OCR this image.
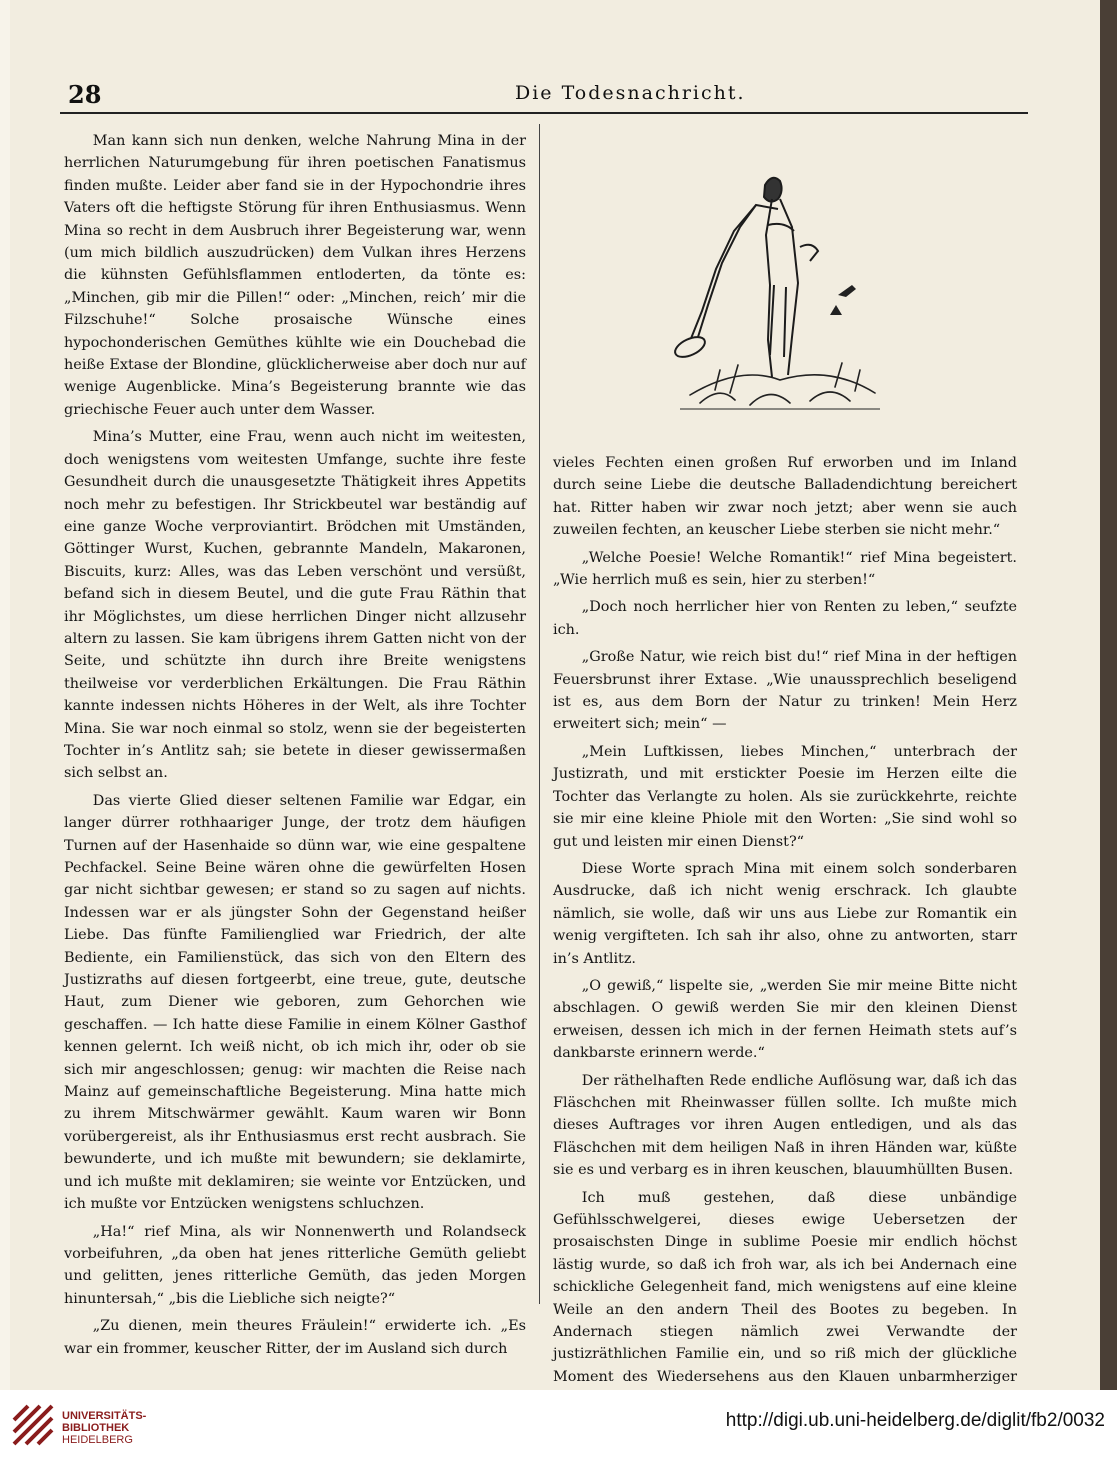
28	Die Todesnachricht.

Man kann sich nun denken, welche Nahrung Mina in der herrlichen Naturumgebung für ihren poetischen Fanatismus finden mußte. Leider aber fand sie in der Hypochondrie ihres Vaters oft die heftigste Störung für ihren Enthusiasmus. Wenn Mina so recht in dem Ausbruch ihrer Begeisterung war, wenn (um mich bildlich auszudrücken) dem Vulkan ihres Herzens die kühnsten Gefühlsflammen entloderten, da tönte es: „Minchen, gib mir die Pillen!“ oder: „Minchen, reich’ mir die Filzschuhe!“ Solche prosaische Wünsche eines hypochonderischen Gemüthes kühlte wie ein Douchebad die heiße Extase der Blondine, glücklicherweise aber doch nur auf wenige Augenblicke. Mina’s Begeisterung brannte wie das griechische Feuer auch unter dem Wasser.

Mina’s Mutter, eine Frau, wenn auch nicht im weitesten, doch wenigstens vom weitesten Umfange, suchte ihre feste Gesundheit durch die unausgesetzte Thätigkeit ihres Appetits noch mehr zu befestigen. Ihr Strickbeutel war beständig auf eine ganze Woche verproviantirt. Brödchen mit Umständen, Göttinger Wurst, Kuchen, gebrannte Mandeln, Makaronen, Biscuits, kurz: Alles, was das Leben verschönt und versüßt, befand sich in diesem Beutel, und die gute Frau Räthin that ihr Möglichstes, um diese herrlichen Dinger nicht allzusehr altern zu lassen. Sie kam übrigens ihrem Gatten nicht von der Seite, und schützte ihn durch ihre Breite wenigstens theilweise vor verderblichen Erkältungen. Die Frau Räthin kannte indessen nichts Höheres in der Welt, als ihre Tochter Mina. Sie war noch einmal so stolz, wenn sie der begeisterten Tochter in’s Antlitz sah; sie betete in dieser gewissermaßen sich selbst an.

Das vierte Glied dieser seltenen Familie war Edgar, ein langer dürrer rothhaariger Junge, der trotz dem häufigen Turnen auf der Hasenhaide so dünn war, wie eine gespaltene Pechfackel. Seine Beine wären ohne die gewürfelten Hosen gar nicht sichtbar gewesen; er stand so zu sagen auf nichts. Indessen war er als jüngster Sohn der Gegenstand heißer Liebe. Das fünfte Familienglied war Friedrich, der alte Bediente, ein Familienstück, das sich von den Eltern des Justizraths auf diesen fortgeerbt, eine treue, gute, deutsche Haut, zum Diener wie geboren, zum Gehorchen wie geschaffen. — Ich hatte diese Familie in einem Kölner Gasthof kennen gelernt. Ich weiß nicht, ob ich mich ihr, oder ob sie sich mir angeschlossen; genug: wir machten die Reise nach Mainz auf gemeinschaftliche Begeisterung. Mina hatte mich zu ihrem Mitschwärmer gewählt. Kaum waren wir Bonn vorübergereist, als ihr Enthusiasmus erst recht ausbrach. Sie bewunderte, und ich mußte mit bewundern; sie deklamirte, und ich mußte mit deklamiren; sie weinte vor Entzücken, und ich mußte vor Entzücken wenigstens schluchzen.

„Ha!“ rief Mina, als wir Nonnenwerth und Rolandseck vorbeifuhren, „da oben hat jenes ritterliche Gemüth geliebt und gelitten, jenes ritterliche Gemüth, das jeden Morgen hinuntersah,“ „bis die Liebliche sich neigte?“

„Zu dienen, mein theures Fräulein!“ erwiderte ich. „Es war ein frommer, keuscher Ritter, der im Ausland sich durch

vieles Fechten einen großen Ruf erworben und im Inland durch seine Liebe die deutsche Balladendichtung bereichert hat. Ritter haben wir zwar noch jetzt; aber wenn sie auch zuweilen fechten, an keuscher Liebe sterben sie nicht mehr.“

„Welche Poesie! Welche Romantik!“ rief Mina begeistert. „Wie herrlich muß es sein, hier zu sterben!“

„Doch noch herrlicher hier von Renten zu leben,“ seufzte ich.

„Große Natur, wie reich bist du!“ rief Mina in der heftigen Feuersbrunst ihrer Extase. „Wie unaussprechlich beseligend ist es, aus dem Born der Natur zu trinken! Mein Herz erweitert sich; mein“ —

„Mein Luftkissen, liebes Minchen,“ unterbrach der Justizrath, und mit erstickter Poesie im Herzen eilte die Tochter das Verlangte zu holen. Als sie zurückkehrte, reichte sie mir eine kleine Phiole mit den Worten: „Sie sind wohl so gut und leisten mir einen Dienst?“

Diese Worte sprach Mina mit einem solch sonderbaren Ausdrucke, daß ich nicht wenig erschrack. Ich glaubte nämlich, sie wolle, daß wir uns aus Liebe zur Romantik ein wenig vergifteten. Ich sah ihr also, ohne zu antworten, starr in’s Antlitz.

„O gewiß,“ lispelte sie, „werden Sie mir meine Bitte nicht abschlagen. O gewiß werden Sie mir den kleinen Dienst erweisen, dessen ich mich in der fernen Heimath stets auf’s dankbarste erinnern werde.“

Der räthelhaften Rede endliche Auflösung war, daß ich das Fläschchen mit Rheinwasser füllen sollte. Ich mußte mich dieses Auftrages vor ihren Augen entledigen, und als das Fläschchen mit dem heiligen Naß in ihren Händen war, küßte sie es und verbarg es in ihren keuschen, blauumhüllten Busen.

Ich muß gestehen, daß diese unbändige Gefühlsschwelgerei, dieses ewige Uebersetzen der prosaischsten Dinge in sublime Poesie mir endlich höchst lästig wurde, so daß ich froh war, als ich bei Andernach eine schickliche Gelegenheit fand, mich wenigstens auf eine kleine Weile an den andern Theil des Bootes zu begeben. In Andernach stiegen nämlich zwei Verwandte der justizräthlichen Familie ein, und so riß mich der glückliche Moment des Wiedersehens aus den Klauen unbarmherziger

UNIVERSITÄTS-
BIBLIOTHEK
HEIDELBERG
http://digi.ub.uni-heidelberg.de/diglit/fb2/0032
